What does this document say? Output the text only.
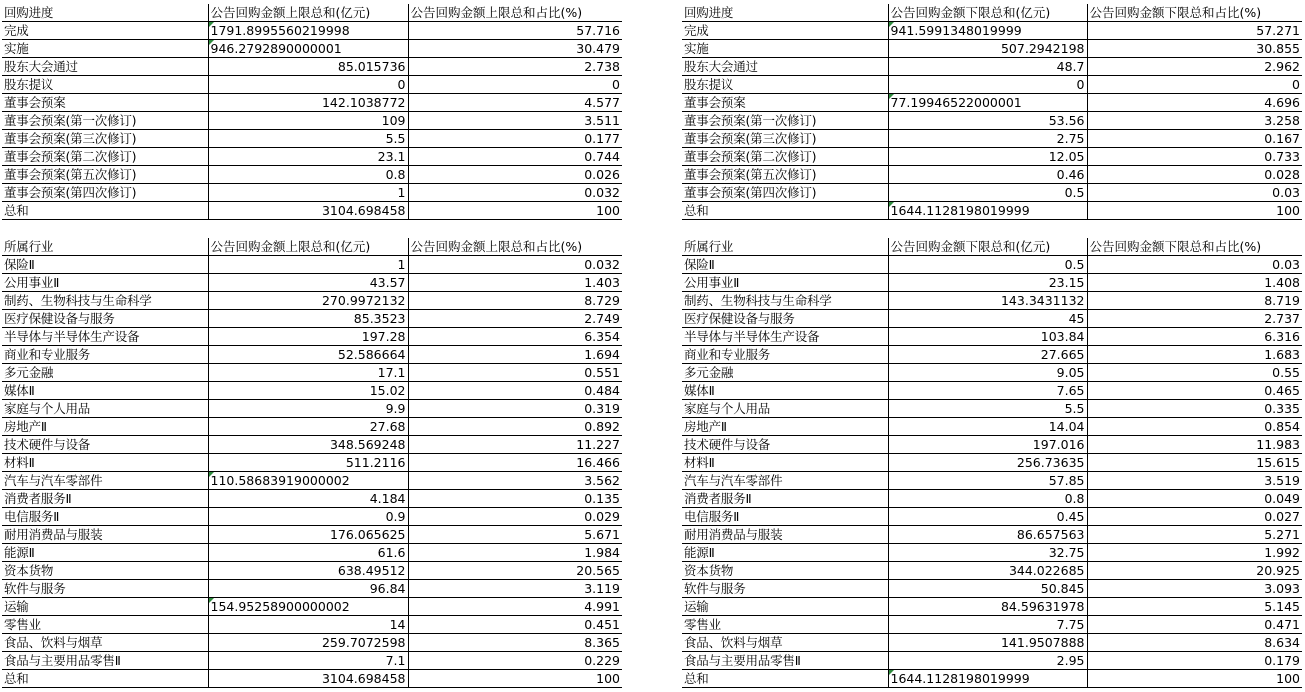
回购进度	公告回购金额上限总和(亿元)	公告回购金额上限总和占比(%)
完成	1791.8995560219998	57.716
实施	946.2792890000001	30.479
股东大会通过	85.015736	2.738
股东提议	0	0
董事会预案	142.1038772	4.577
董事会预案(第一次修订)	109	3.511
董事会预案(第三次修订)	5.5	0.177
董事会预案(第二次修订)	23.1	0.744
董事会预案(第五次修订)	0.8	0.026
董事会预案(第四次修订)	1	0.032
总和	3104.698458	100
回购进度	公告回购金额下限总和(亿元)	公告回购金额下限总和占比(%)
完成	941.5991348019999	57.271
实施	507.2942198	30.855
股东大会通过	48.7	2.962
股东提议	0	0
董事会预案	77.19946522000001	4.696
董事会预案(第一次修订)	53.56	3.258
董事会预案(第三次修订)	2.75	0.167
董事会预案(第二次修订)	12.05	0.733
董事会预案(第五次修订)	0.46	0.028
董事会预案(第四次修订)	0.5	0.03
总和	1644.1128198019999	100
所属行业	公告回购金额上限总和(亿元)	公告回购金额上限总和占比(%)
保险Ⅱ	1	0.032
公用事业Ⅱ	43.57	1.403
制药、生物科技与生命科学	270.9972132	8.729
医疗保健设备与服务	85.3523	2.749
半导体与半导体生产设备	197.28	6.354
商业和专业服务	52.586664	1.694
多元金融	17.1	0.551
媒体Ⅱ	15.02	0.484
家庭与个人用品	9.9	0.319
房地产Ⅱ	27.68	0.892
技术硬件与设备	348.569248	11.227
材料Ⅱ	511.2116	16.466
汽车与汽车零部件	110.58683919000002	3.562
消费者服务Ⅱ	4.184	0.135
电信服务Ⅱ	0.9	0.029
耐用消费品与服装	176.065625	5.671
能源Ⅱ	61.6	1.984
资本货物	638.49512	20.565
软件与服务	96.84	3.119
运输	154.95258900000002	4.991
零售业	14	0.451
食品、饮料与烟草	259.7072598	8.365
食品与主要用品零售Ⅱ	7.1	0.229
总和	3104.698458	100
所属行业	公告回购金额下限总和(亿元)	公告回购金额下限总和占比(%)
保险Ⅱ	0.5	0.03
公用事业Ⅱ	23.15	1.408
制药、生物科技与生命科学	143.3431132	8.719
医疗保健设备与服务	45	2.737
半导体与半导体生产设备	103.84	6.316
商业和专业服务	27.665	1.683
多元金融	9.05	0.55
媒体Ⅱ	7.65	0.465
家庭与个人用品	5.5	0.335
房地产Ⅱ	14.04	0.854
技术硬件与设备	197.016	11.983
材料Ⅱ	256.73635	15.615
汽车与汽车零部件	57.85	3.519
消费者服务Ⅱ	0.8	0.049
电信服务Ⅱ	0.45	0.027
耐用消费品与服装	86.657563	5.271
能源Ⅱ	32.75	1.992
资本货物	344.022685	20.925
软件与服务	50.845	3.093
运输	84.59631978	5.145
零售业	7.75	0.471
食品、饮料与烟草	141.9507888	8.634
食品与主要用品零售Ⅱ	2.95	0.179
总和	1644.1128198019999	100
